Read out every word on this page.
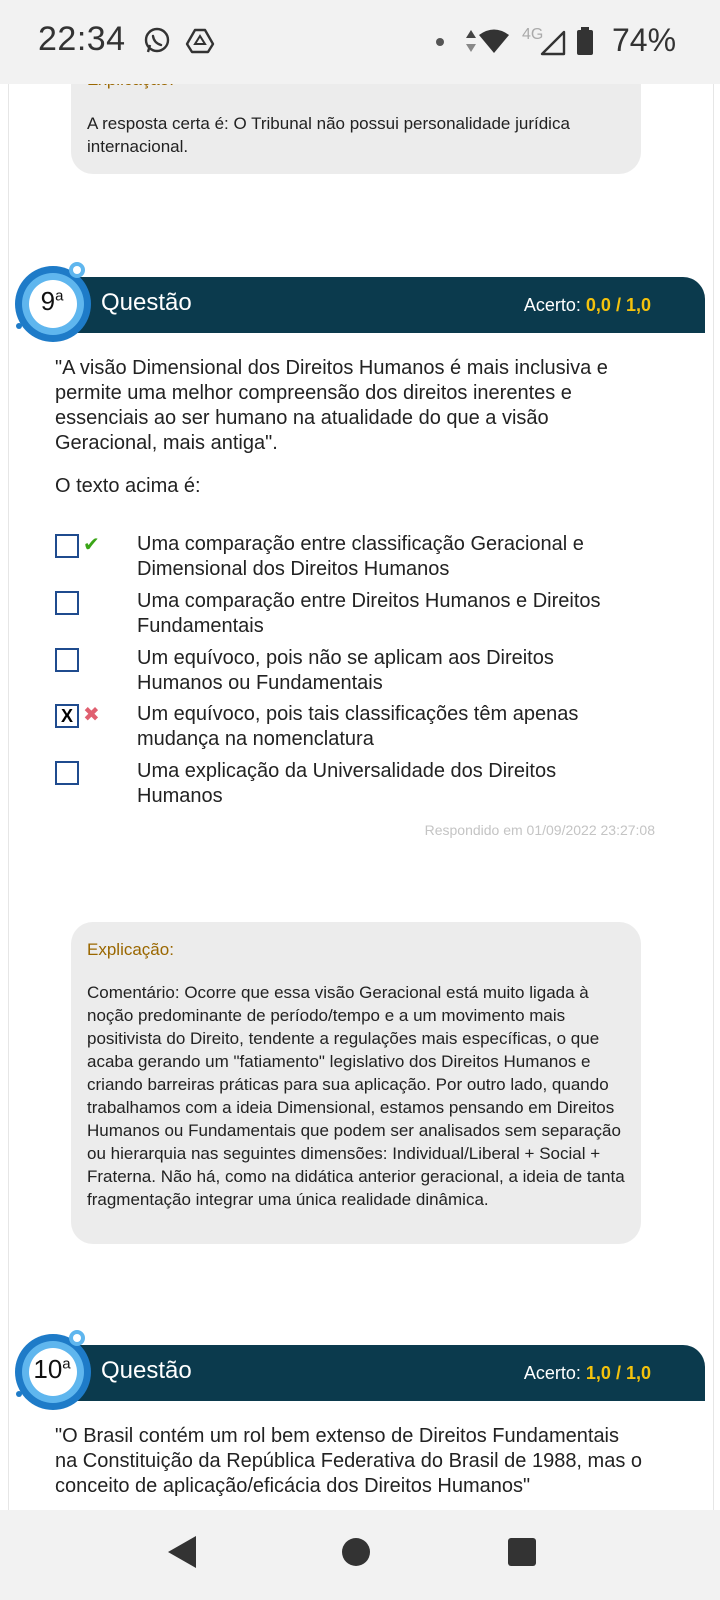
22:34	4G 74%
A resposta certa é: O Tribunal não possui personalidade jurídica internacional.
Questão	Acerto: 0,0 / 1,0
9$^a$
"A visão Dimensional dos Direitos Humanos é mais inclusiva e permite uma melhor compreensão dos direitos inerentes e essenciais ao ser humano na atualidade do que a visão Geracional, mais antiga".
O texto acima é:
✔ Uma comparação entre classificação Geracional e Dimensional dos Direitos Humanos
Uma comparação entre Direitos Humanos e Direitos Fundamentais
Um equívoco, pois não se aplicam aos Direitos Humanos ou Fundamentais
X ✖ Um equívoco, pois tais classificações têm apenas mudança na nomenclatura
Uma explicação da Universalidade dos Direitos Humanos
Respondido em 01/09/2022 23:27:08
Explicação:
Comentário: Ocorre que essa visão Geracional está muito ligada à noção predominante de período/tempo e a um movimento mais positivista do Direito, tendente a regulações mais específicas, o que acaba gerando um "fatiamento" legislativo dos Direitos Humanos e criando barreiras práticas para sua aplicação. Por outro lado, quando trabalhamos com a ideia Dimensional, estamos pensando em Direitos Humanos ou Fundamentais que podem ser analisados sem separação ou hierarquia nas seguintes dimensões: Individual/Liberal + Social + Fraterna. Não há, como na didática anterior geracional, a ideia de tanta fragmentação integrar uma única realidade dinâmica.
Questão	Acerto: 1,0 / 1,0
10$^a$
"O Brasil contém um rol bem extenso de Direitos Fundamentais na Constituição da República Federativa do Brasil de 1988, mas o conceito de aplicação/eficácia dos Direitos Humanos"
